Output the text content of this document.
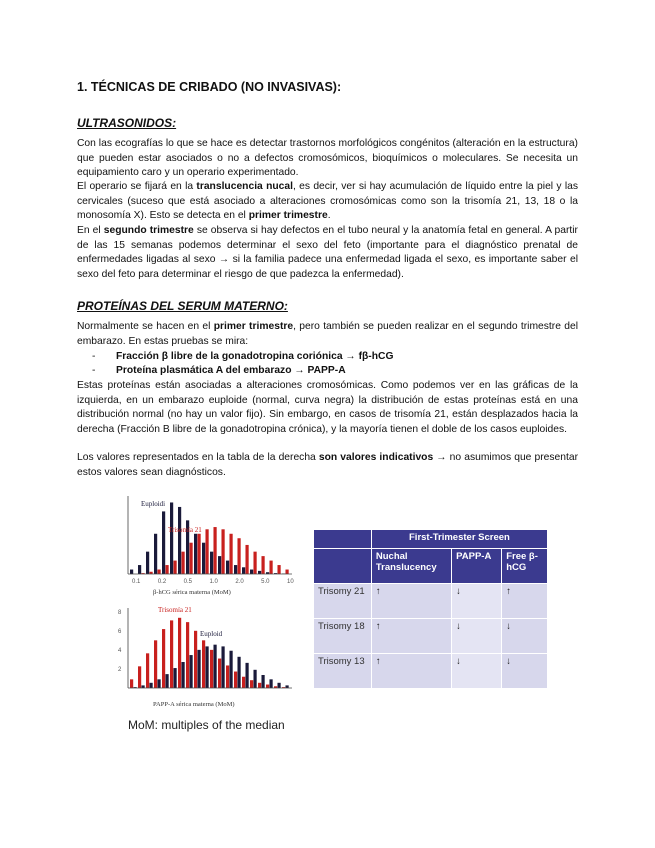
1. TÉCNICAS DE CRIBADO (NO INVASIVAS):
ULTRASONIDOS:
Con las ecografías lo que se hace es detectar trastornos morfológicos congénitos (alteración en la estructura) que pueden estar asociados o no a defectos cromosómicos, bioquímicos o moleculares. Se necesita un equipamiento caro y un operario experimentado.
El operario se fijará en la translucencia nucal, es decir, ver si hay acumulación de líquido entre la piel y las cervicales (suceso que está asociado a alteraciones cromosómicas como son la trisomía 21, 13, 18 o la monosomía X). Esto se detecta en el primer trimestre.
En el segundo trimestre se observa si hay defectos en el tubo neural y la anatomía fetal en general. A partir de las 15 semanas podemos determinar el sexo del feto (importante para el diagnóstico prenatal de enfermedades ligadas al sexo → si la familia padece una enfermedad ligada el sexo, es importante saber el sexo del feto para determinar el riesgo de que padezca la enfermedad).
PROTEÍNAS DEL SERUM MATERNO:
Normalmente se hacen en el primer trimestre, pero también se pueden realizar en el segundo trimestre del embarazo. En estas pruebas se mira:
- Fracción β libre de la gonadotropina coriónica → fβ-hCG
- Proteína plasmática A del embarazo → PAPP-A
Estas proteínas están asociadas a alteraciones cromosómicas. Como podemos ver en las gráficas de la izquierda, en un embarazo euploide (normal, curva negra) la distribución de estas proteínas está en una distribución normal (no hay un valor fijo). Sin embargo, en casos de trisomía 21, están desplazados hacia la derecha (Fracción B libre de la gonadotropina crónica), y la mayoría tienen el doble de los casos euploides.
Los valores representados en la tabla de la derecha son valores indicativos → no asumimos que presentar estos valores sean diagnósticos.
Euploidi
Trisomía 21
0.1	0.2	0.5	1.0	2.0	5.0	10
β-hCG sérica materna (MoM)
8
6
4
2
Trisomía 21
Euploid
PAPP-A sérica materna (MoM)
MoM: multiples of the median
	First-Trimester Screen		
	Nuchal Translucency	PAPP-A	Free β-hCG
Trisomy 21	↑	↓	↑
Trisomy 18	↑	↓	↓
Trisomy 13	↑	↓	↓
